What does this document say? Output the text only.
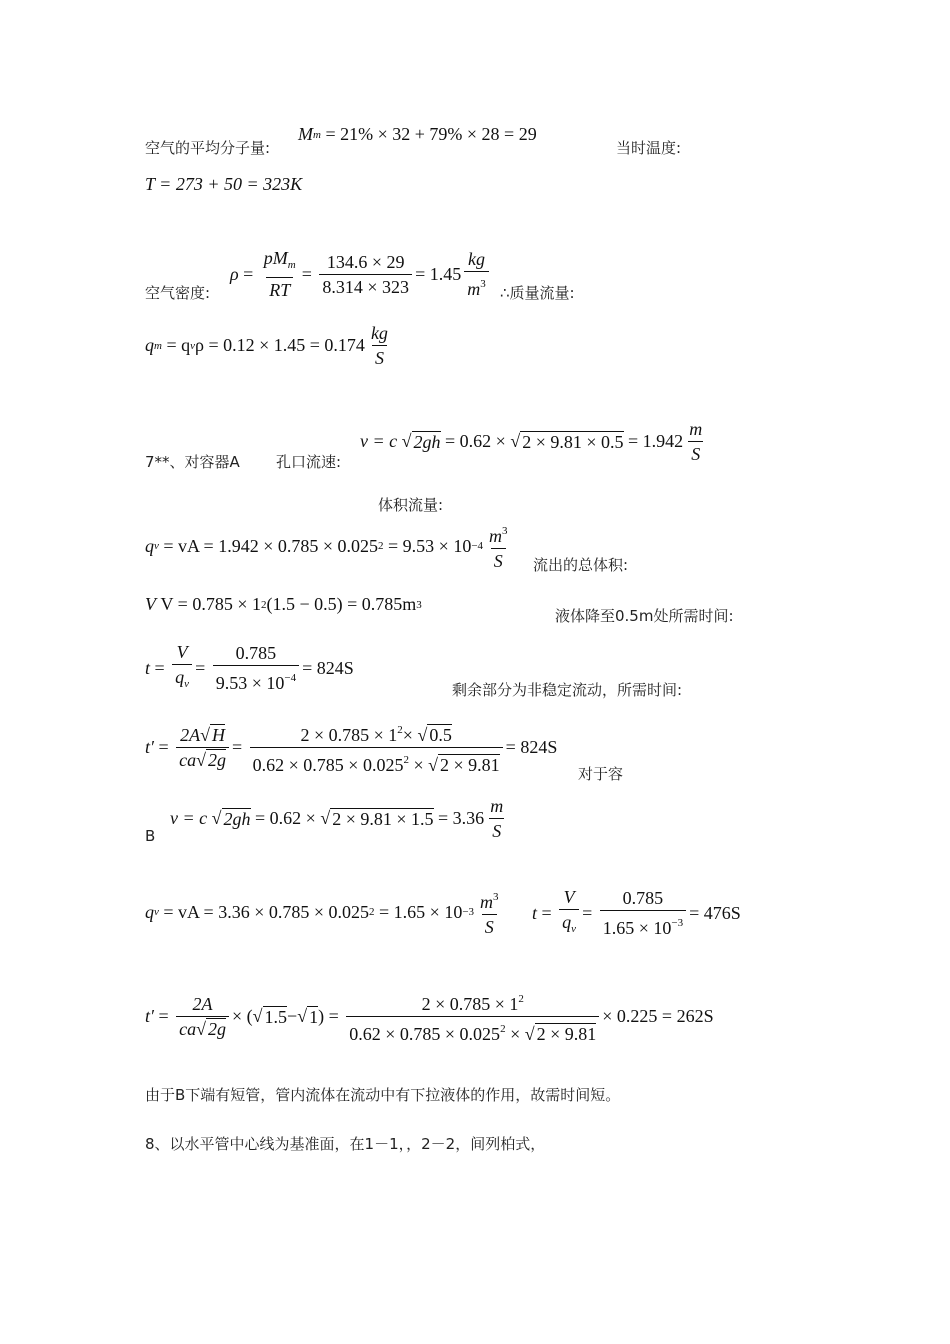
空气的平均分子量:
M m
= 21% × 32 + 79% × 28 = 29
当时温度:
T = 273 + 50 = 323K
空气密度:
$\rho = \frac{pM_m}{RT} = \frac{134.6 \times 29}{8.314 \times 323} = 1.45 \frac{kg}{m^3}$ ∴质量流量:
q m
= q v $\rho = 0.12 \times 1.45 = 0.174 \frac{kg}{S}$
7**、对容器A 孔口流速:
v = c
√ 2gh
= 0.62 ×
√ 2 × 9.81 × 0.5
= $1.942 \frac{m}{S}$
体积流量:
q v
= vA = 1.942 × 0.785 × 0.025 2
= $9.53 \times 10 -4 \frac{m^3}{S}$ 流出的总体积:
V
V = 0.785 × 1 2 (1.5 − 0.5) = 0.785m 3
液体降至0.5m处所需时间:
$t = \frac{V}{q_v} = \frac{0.785}{9.53 \times 10^{-4}} = 824S$
剩余部分为非稳定流动，所需时间:
$t' = \frac{2A√ H}{ca√ 2g} = \frac{2 \times 0.785 \times 1^2\times √ 0.5}{0.62 \times 0.785 \times 0.025^2 \times √ 2 \times 9.81} = 824S$
对于容
B
v = c
√ 2gh
= 0.62 ×
√ 2 × 9.81 × 1.5
= $3.36 \frac{m}{S}$
q v
= vA = 3.36 × 0.785 × 0.025 2
= $1.65 \times 10 -3 \frac{m^3}{S}$ $t = \frac{V}{q_v} = \frac{0.785}{1.65 \times 10^{-3}} = 476S$
$t' = \frac{2A}{ca√ 2g}$ × ( √ 1.5 − √ 1 ) =
$\frac{2 \times 0.785 \times 1^2}{0.62 \times 0.785 \times 0.025^2 \times √ 2 \times 9.81} \times 0.225 = 262S$
由于B下端有短管，管内流体在流动中有下拉液体的作用，故需时间短。
8、以水平管中心线为基准面，在1－1，，2－2，间列柏式，
